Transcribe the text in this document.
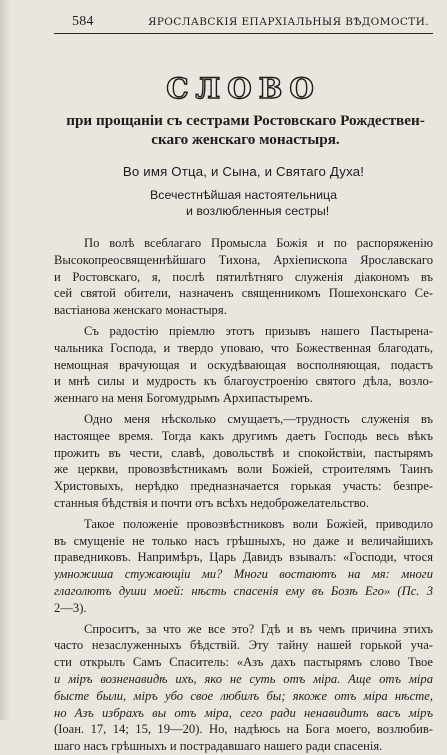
584	ЯРОСЛАВСКІЯ ЕПАРХІАЛЬНЫЯ ВѢДОМОСТИ.
СЛОВО
при прощаніи съ сестрами Ростовскаго Рождествен-
скаго женскаго монастыря.
Во имя Отца, и Сына, и Святаго Духа!
Всечестнѣйшая настоятельница
и возлюбленныя сестры!
По волѣ всеблагаго Промысла Божія и по распоряженію
Высокопреосвященнѣйшаго Тихона, Архіепископа Ярославскаго
и Ростовскаго, я, послѣ пятилѣтняго служенія діакономъ въ
сей святой обители, назначенъ священникомъ Пошехонскаго Се-
вастіанова женскаго монастыря.
Съ радостію пріемлю этотъ призывъ нашего Пастырена-
чальника Господа, и твердо уповаю, что Божественная благодать,
немощная врачующая и оскудѣвающая восполняющая, подастъ
и мнѣ силы и мудрость къ благоустроенію святого дѣла, возло-
женнаго на меня Богомудрымъ Архипастыремъ.
Одно меня нѣсколько смущаетъ,—трудность служенія въ
настоящее время. Тогда какъ другимъ даетъ Господь весь вѣкъ
прожить въ чести, славѣ, довольствѣ и спокойствіи, пастырямъ
же церкви, провозвѣстникамъ воли Божіей, строителямъ Таинъ
Христовыхъ, нерѣдко предназначается горькая участь: безпре-
станныя бѣдствія и почти отъ всѣхъ недоброжелательство.
Такое положеніе провозвѣстниковъ воли Божіей, приводило
въ смущеніе не только насъ грѣшныхъ, но даже и величайшихъ
праведниковъ. Напримѣръ, Царь Давидъ взывалъ: «Господи, чтося
умножиша стужающіи ми? Многи востаютъ на мя: многи
глаголютъ души моей: нѣсть спасенія ему въ Бозѣ Его» (Пс. 3
2—3).
Спроситъ, за что же все это? Гдѣ и въ чемъ причина этихъ
часто незаслуженныхъ бѣдствій. Эту тайну нашей горькой уча-
сти открылъ Самъ Спаситель: «Азъ дахъ пастырямъ слово Твое
и міръ возненавидѣ ихъ, яко не суть отъ міра. Аще отъ міра
бысте были, міръ убо свое любилъ бы; якоже отъ міра нѣсте,
но Азъ избрахъ вы отъ міра, сего ради ненавидитъ васъ міръ
(Іоан. 17, 14; 15, 19—20). Но, надѣюсь на Бога моего, возлюбив-
шаго насъ грѣшныхъ и пострадавшаго нашего ради спасенія.
